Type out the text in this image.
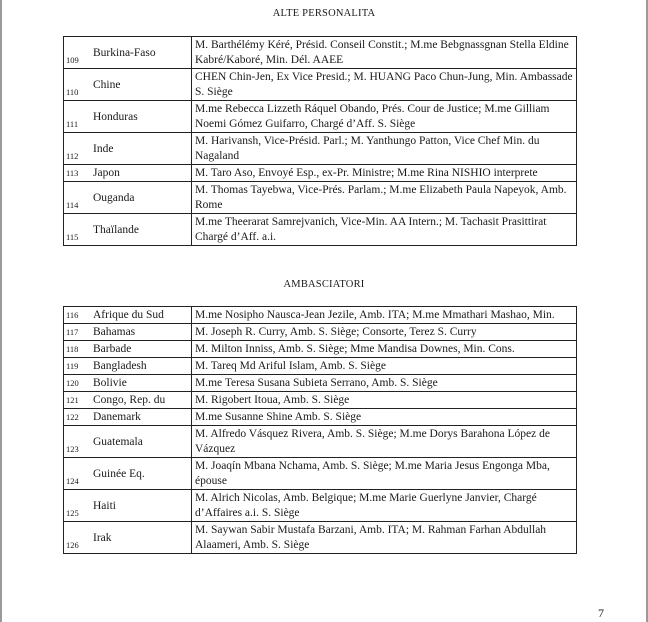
ALTE PERSONALITA
109	Burkina-Faso	M. Barthélémy Kéré, Présid. Conseil Constit.; M.me Bebgnassgnan Stella Eldine Kabré/Kaboré, Min. Dél. AAEE
110	Chine	CHEN Chin-Jen, Ex Vice Presid.; M. HUANG Paco Chun-Jung, Min. Ambassade S. Siège
111	Honduras	M.me Rebecca Lizzeth Ráquel Obando, Prés. Cour de Justice; M.me Gilliam Noemi Gómez Guifarro, Chargé d’Aff. S. Siège
112	Inde	M. Harivansh, Vice-Présid. Parl.; M. Yanthungo Patton, Vice Chef Min. du Nagaland
113	Japon	M. Taro Aso, Envoyé Esp., ex-Pr. Ministre; M.me Rina NISHIO interprete
114	Ouganda	M. Thomas Tayebwa, Vice-Prés. Parlam.; M.me Elizabeth Paula Napeyok, Amb. Rome
115	Thaïlande	M.me Theerarat Samrejvanich, Vice-Min. AA Intern.; M. Tachasit Prasittirat Chargé d’Aff. a.i.
AMBASCIATORI
116	Afrique du Sud	M.me Nosipho Nausca-Jean Jezile, Amb. ITA; M.me Mmathari Mashao, Min.
117	Bahamas	M. Joseph R. Curry, Amb. S. Siège; Consorte, Terez S. Curry
118	Barbade	M. Milton Inniss, Amb. S. Siège; Mme Mandisa Downes, Min. Cons.
119	Bangladesh	M. Tareq Md Ariful Islam, Amb. S. Siège
120	Bolivie	M.me Teresa Susana Subieta Serrano, Amb. S. Siège
121	Congo, Rep. du	M. Rigobert Itoua, Amb. S. Siège
122	Danemark	M.me Susanne Shine Amb. S. Siège
123	Guatemala	M. Alfredo Vásquez Rivera, Amb. S. Siège; M.me Dorys Barahona López de Vázquez
124	Guinée Eq.	M. Joaqín Mbana Nchama, Amb. S. Siège; M.me Maria Jesus Engonga Mba, épouse
125	Haiti	M. Alrich Nicolas, Amb. Belgique; M.me Marie Guerlyne Janvier, Chargé d’Affaires a.i. S. Siège
126	Irak	M. Saywan Sabir Mustafa Barzani, Amb. ITA; M. Rahman Farhan Abdullah Alaameri, Amb. S. Siège
7
